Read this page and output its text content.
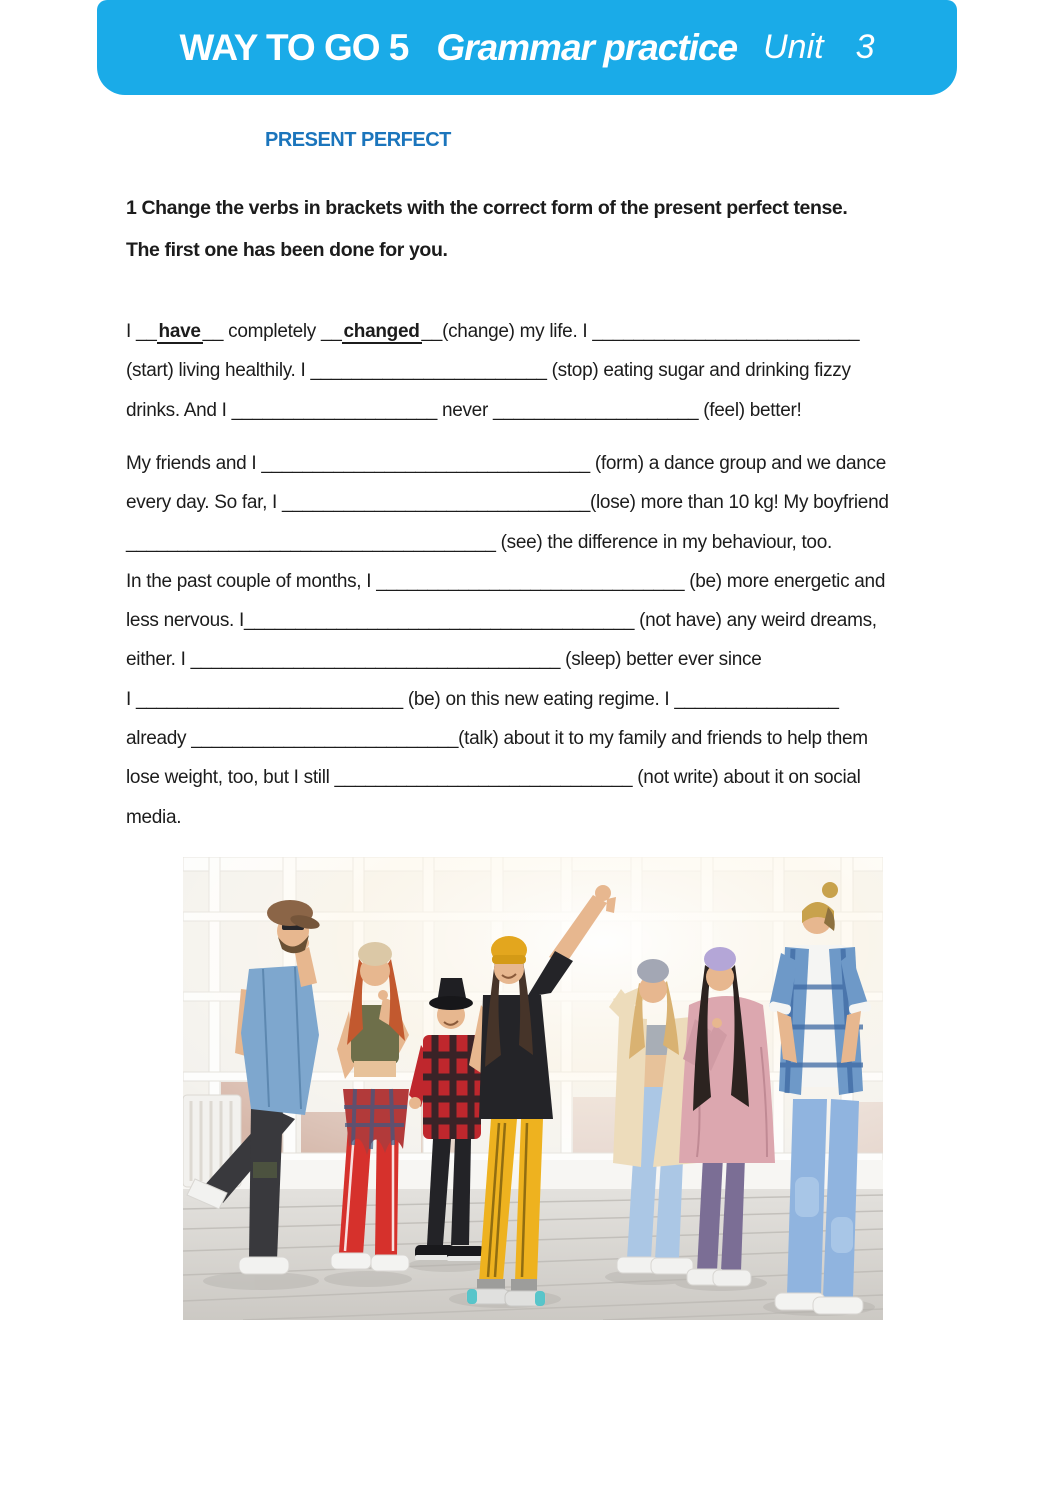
WAY TO GO 5 Grammar practice Unit 3
PRESENT PERFECT
1 Change the verbs in brackets with the correct form of the present perfect tense.
The first one has been done for you.
I __ have __ completely __ changed __(change) my life. I __________________________
(start) living healthily. I _______________________ (stop) eating sugar and drinking fizzy
drinks. And I ____________________ never ____________________ (feel) better!
My friends and I ________________________________ (form) a dance group and we dance
every day. So far, I ______________________________(lose) more than 10 kg! My boyfriend
____________________________________ (see) the difference in my behaviour, too.
In the past couple of months, I ______________________________ (be) more energetic and
less nervous. I______________________________________ (not have) any weird dreams,
either. I ____________________________________ (sleep) better ever since
I __________________________ (be) on this new eating regime. I ________________
already __________________________(talk) about it to my family and friends to help them
lose weight, too, but I still _____________________________ (not write) about it on social
media.
